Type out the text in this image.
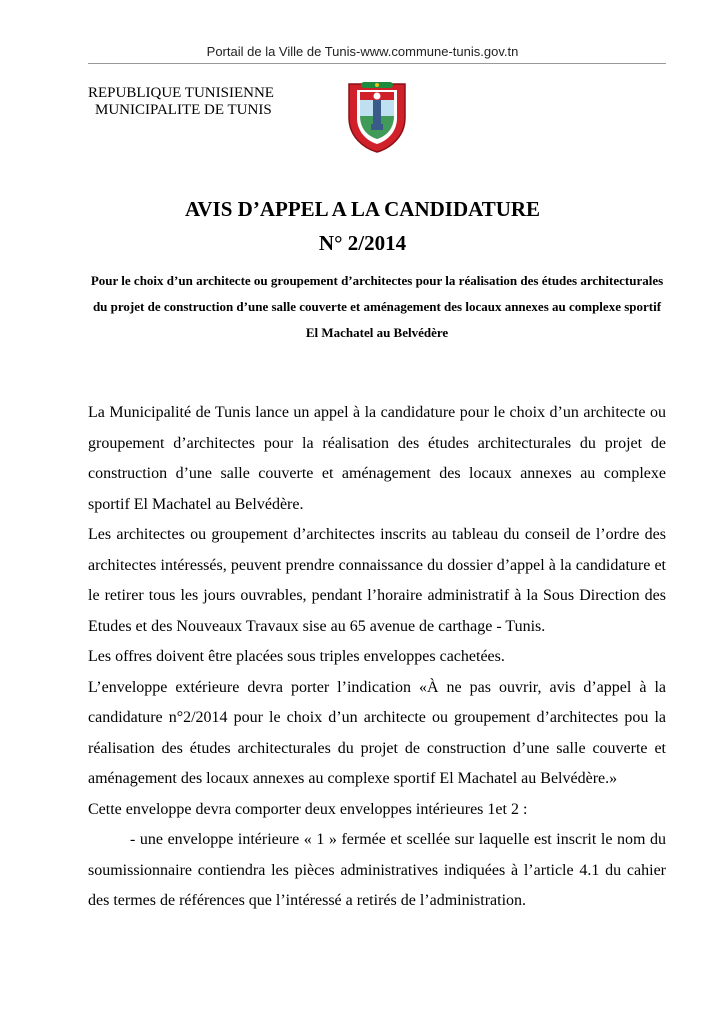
Portail de la Ville de Tunis-www.commune-tunis.gov.tn
REPUBLIQUE TUNISIENNE
MUNICIPALITE DE TUNIS
AVIS D’APPEL A LA CANDIDATURE
N° 2/2014
Pour le choix d’un architecte ou groupement d’architectes pour la réalisation des études architecturales du projet de construction d’une salle couverte et aménagement des locaux annexes au complexe sportif El Machatel au Belvédère

La Municipalité de Tunis lance un appel à la candidature pour le choix d’un architecte ou groupement d’architectes pour la réalisation des études architecturales du projet de construction d’une salle couverte et aménagement des locaux annexes au complexe sportif El Machatel au Belvédère.

Les architectes ou groupement d’architectes inscrits au tableau du conseil de l’ordre des architectes intéressés, peuvent prendre connaissance du dossier d’appel à la candidature et le retirer tous les jours ouvrables, pendant l’horaire administratif à la Sous Direction des Etudes et des Nouveaux Travaux sise au 65 avenue de carthage - Tunis.

Les offres doivent être placées sous triples enveloppes cachetées.

L’enveloppe extérieure devra porter l’indication «À ne pas ouvrir, avis d’appel à la candidature n°2/2014 pour le choix d’un architecte ou groupement d’architectes pou la réalisation des études architecturales du projet de construction d’une salle couverte et aménagement des locaux annexes au complexe sportif El Machatel au Belvédère.»

Cette enveloppe devra comporter deux enveloppes intérieures 1et 2 :

- une enveloppe intérieure « 1 » fermée et scellée sur laquelle est inscrit le nom du soumissionnaire contiendra les pièces administratives indiquées à l’article 4.1 du cahier des termes de références que l’intéressé a retirés de l’administration.
